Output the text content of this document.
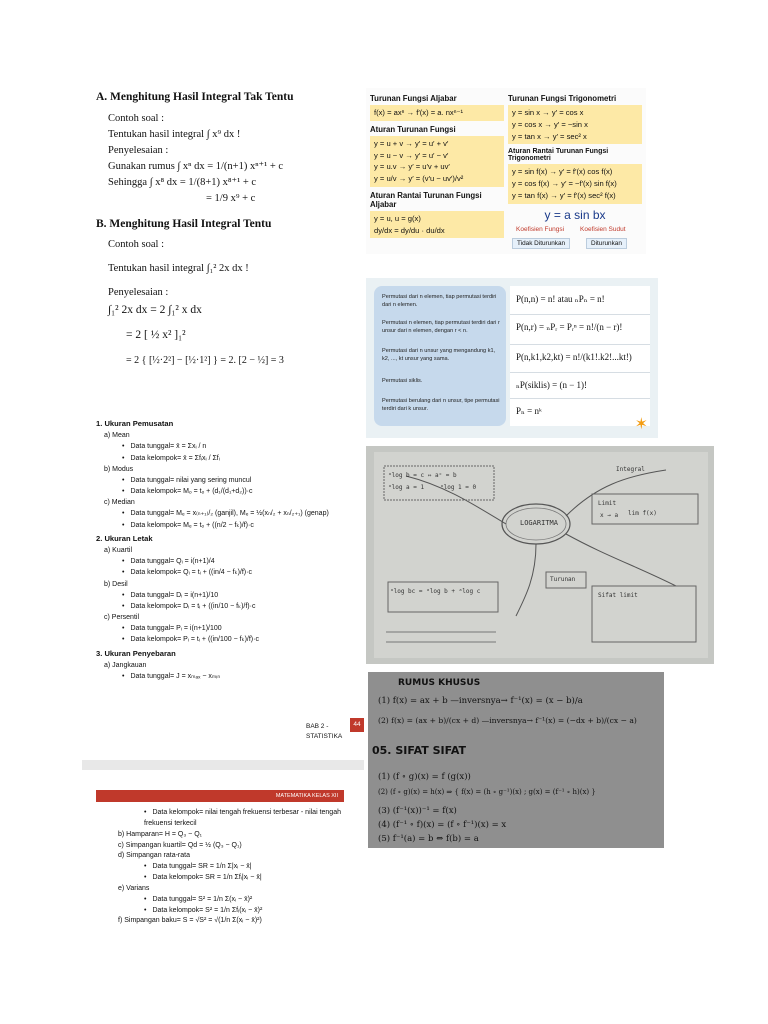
A. Menghitung Hasil Integral Tak Tentu
Contoh soal :
Tentukan hasil integral ∫ x⁹ dx !
Penyelesaian :
Gunakan rumus ∫ xⁿ dx = 1/(n+1) xⁿ⁺¹ + c
Sehingga ∫ x⁸ dx = 1/(8+1) x⁸⁺¹ + c
= 1/9 x⁹ + c
B. Menghitung Hasil Integral Tentu
Contoh soal :
Tentukan hasil integral ∫₁² 2x dx !
Penyelesaian :
∫₁² 2x dx = 2 ∫₁² x dx
= 2 [ ½ x² ]₁²
= 2 { [½·2²] − [½·1²] } = 2. [2 − ½] = 3
Turunan Fungsi Aljabar
f(x) = axⁿ → f′(x) = a. nxⁿ⁻¹
Aturan Turunan Fungsi
y = u + v → y′ = u′ + v′
y = u − v → y′ = u′ − v′
y = u.v → y′ = u′v + uv′
y = u/v → y′ = (v′u − uv′)/v²
Aturan Rantai Turunan Fungsi Aljabar
y = u, u = g(x)
dy/dx = dy/du · du/dx
Turunan Fungsi Trigonometri
y = sin x → y′ = cos x
y = cos x → y′ = −sin x
y = tan x → y′ = sec² x
Aturan Rantai Turunan Fungsi Trigonometri
y = sin f(x) → y′ = f′(x) cos f(x)
y = cos f(x) → y′ = −f′(x) sin f(x)
y = tan f(x) → y′ = f′(x) sec² f(x)
y = a sin bx
Koefisien Fungsi Koefisien Sudut
Tidak Diturunkan	Diturunkan
1. Ukuran Pemusatan
a) Mean
• Data tunggal= x̄ = Σxᵢ / n
• Data kelompok= x̄ = Σfᵢxᵢ / Σfᵢ
b) Modus
• Data tunggal= nilai yang sering muncul
• Data kelompok= Mₒ = tₒ + (d₁/(d₁+d₂))·c
c) Median
• Data tunggal= Mₑ = x₍ₙ₊₁₎/₂ (ganjil), Mₑ = ½(xₙ/₂ + xₙ/₂₊₁) (genap)
• Data kelompok= Mₑ = tₒ + ((n/2 − fₖ)/f)·c
2. Ukuran Letak
a) Kuartil
• Data tunggal= Qᵢ = i(n+1)/4
• Data kelompok= Qᵢ = tᵢ + ((in/4 − fₖ)/f)·c
b) Desil
• Data tunggal= Dᵢ = i(n+1)/10
• Data kelompok= Dᵢ = tᵢ + ((in/10 − fₖ)/f)·c
c) Persentil
• Data tunggal= Pᵢ = i(n+1)/100
• Data kelompok= Pᵢ = tᵢ + ((in/100 − fₖ)/f)·c
3. Ukuran Penyebaran
a) Jangkauan
• Data tunggal= J = xₘₐₓ − xₘᵢₙ
BAB 2 - STATISTIKA
44
MATEMATIKA KELAS XII
• Data kelompok= nilai tengah frekuensi terbesar - nilai tengah frekuensi terkecil
b) Hamparan= H = Q₃ − Q₁
c) Simpangan kuartil= Qd = ½ (Q₃ − Q₁)
d) Simpangan rata-rata
• Data tunggal= SR = 1/n Σ|xᵢ − x̄|
• Data kelompok= SR = 1/n Σfᵢ|xᵢ − x̄|
e) Varians
• Data tunggal= S² = 1/n Σ(xᵢ − x̄)²
• Data kelompok= S² = 1/n Σfᵢ(xᵢ − x̄)²
f) Simpangan baku= S = √S² = √(1/n Σ(xᵢ − x̄)²)
Permutasi dari n elemen, tiap permutasi terdiri dari n elemen.
Permutasi n elemen, tiap permutasi terdiri dari r unsur dari n elemen, dengan r < n.
Permutasi dari n unsur yang mengandung k1, k2, ..., kt unsur yang sama.
Permutasi siklis.
Permutasi berulang dari n unsur, tipe permutasi terdiri dari k unsur.
P(n,n) = n! atau ₙPₙ = n!
P(n,r) = ₙPᵣ = Pᵣⁿ = n!/(n − r)!
P(n,k1,k2,kt) = n!/(k1!.k2!...kt!)
ₙP(siklis) = (n − 1)!
Pₙ = nᵏ
✶
LOGARITMA
ᵃlog b = c ⇔ aᶜ = b
ᵃlog a = 1	ᵃlog 1 = 0
ᵃlog bc = ᵃlog b + ᵃlog c
Limit
lim f(x)
Sifat limit
x → a
Turunan
Integral
RUMUS KHUSUS
(1) f(x) = ax + b —inversnya→ f⁻¹(x) = (x − b)/a
(2) f(x) = (ax + b)/(cx + d) —inversnya→ f⁻¹(x) = (−dx + b)/(cx − a)
05. SIFAT SIFAT
(1) (f ∘ g)(x) = f (g(x))
(2) (f ∘ g)(x) = h(x) ⇒ { f(x) = (h ∘ g⁻¹)(x) ; g(x) = (f⁻¹ ∘ h)(x) }
(3) (f⁻¹(x))⁻¹ = f(x)
(4) (f⁻¹ ∘ f)(x) = (f ∘ f⁻¹)(x) = x
(5) f⁻¹(a) = b ⇔ f(b) = a
